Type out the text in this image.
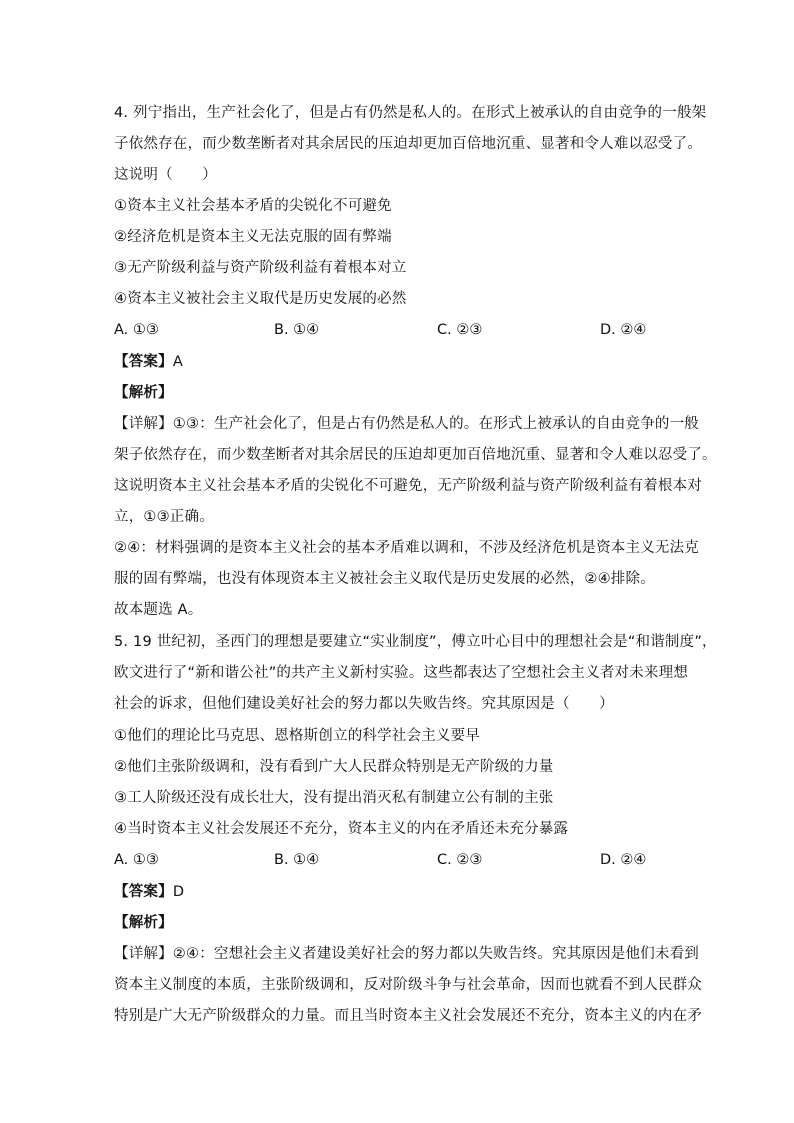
4. 列宁指出，生产社会化了，但是占有仍然是私人的。在形式上被承认的自由竞争的一般架
子依然存在，而少数垄断者对其余居民的压迫却更加百倍地沉重、显著和令人难以忍受了。
这说明（　　）
①资本主义社会基本矛盾的尖锐化不可避免
②经济危机是资本主义无法克服的固有弊端
③无产阶级利益与资产阶级利益有着根本对立
④资本主义被社会主义取代是历史发展的必然
A. ①③	B. ①④	C. ②③	D. ②④
【答案】A
【解析】
【详解】①③：生产社会化了，但是占有仍然是私人的。在形式上被承认的自由竞争的一般
架子依然存在，而少数垄断者对其余居民的压迫却更加百倍地沉重、显著和令人难以忍受了。
这说明资本主义社会基本矛盾的尖锐化不可避免，无产阶级利益与资产阶级利益有着根本对
立，①③正确。
②④：材料强调的是资本主义社会的基本矛盾难以调和，不涉及经济危机是资本主义无法克
服的固有弊端，也没有体现资本主义被社会主义取代是历史发展的必然，②④排除。
故本题选 A。
5. 19 世纪初，圣西门的理想是要建立“实业制度”，傅立叶心目中的理想社会是“和谐制度”，
欧文进行了“新和谐公社”的共产主义新村实验。这些都表达了空想社会主义者对未来理想
社会的诉求，但他们建设美好社会的努力都以失败告终。究其原因是（　　）
①他们的理论比马克思、恩格斯创立的科学社会主义要早
②他们主张阶级调和，没有看到广大人民群众特别是无产阶级的力量
③工人阶级还没有成长壮大，没有提出消灭私有制建立公有制的主张
④当时资本主义社会发展还不充分，资本主义的内在矛盾还未充分暴露
A. ①③	B. ①④	C. ②③	D. ②④
【答案】D
【解析】
【详解】②④：空想社会主义者建设美好社会的努力都以失败告终。究其原因是他们未看到
资本主义制度的本质，主张阶级调和，反对阶级斗争与社会革命，因而也就看不到人民群众
特别是广大无产阶级群众的力量。而且当时资本主义社会发展还不充分，资本主义的内在矛
